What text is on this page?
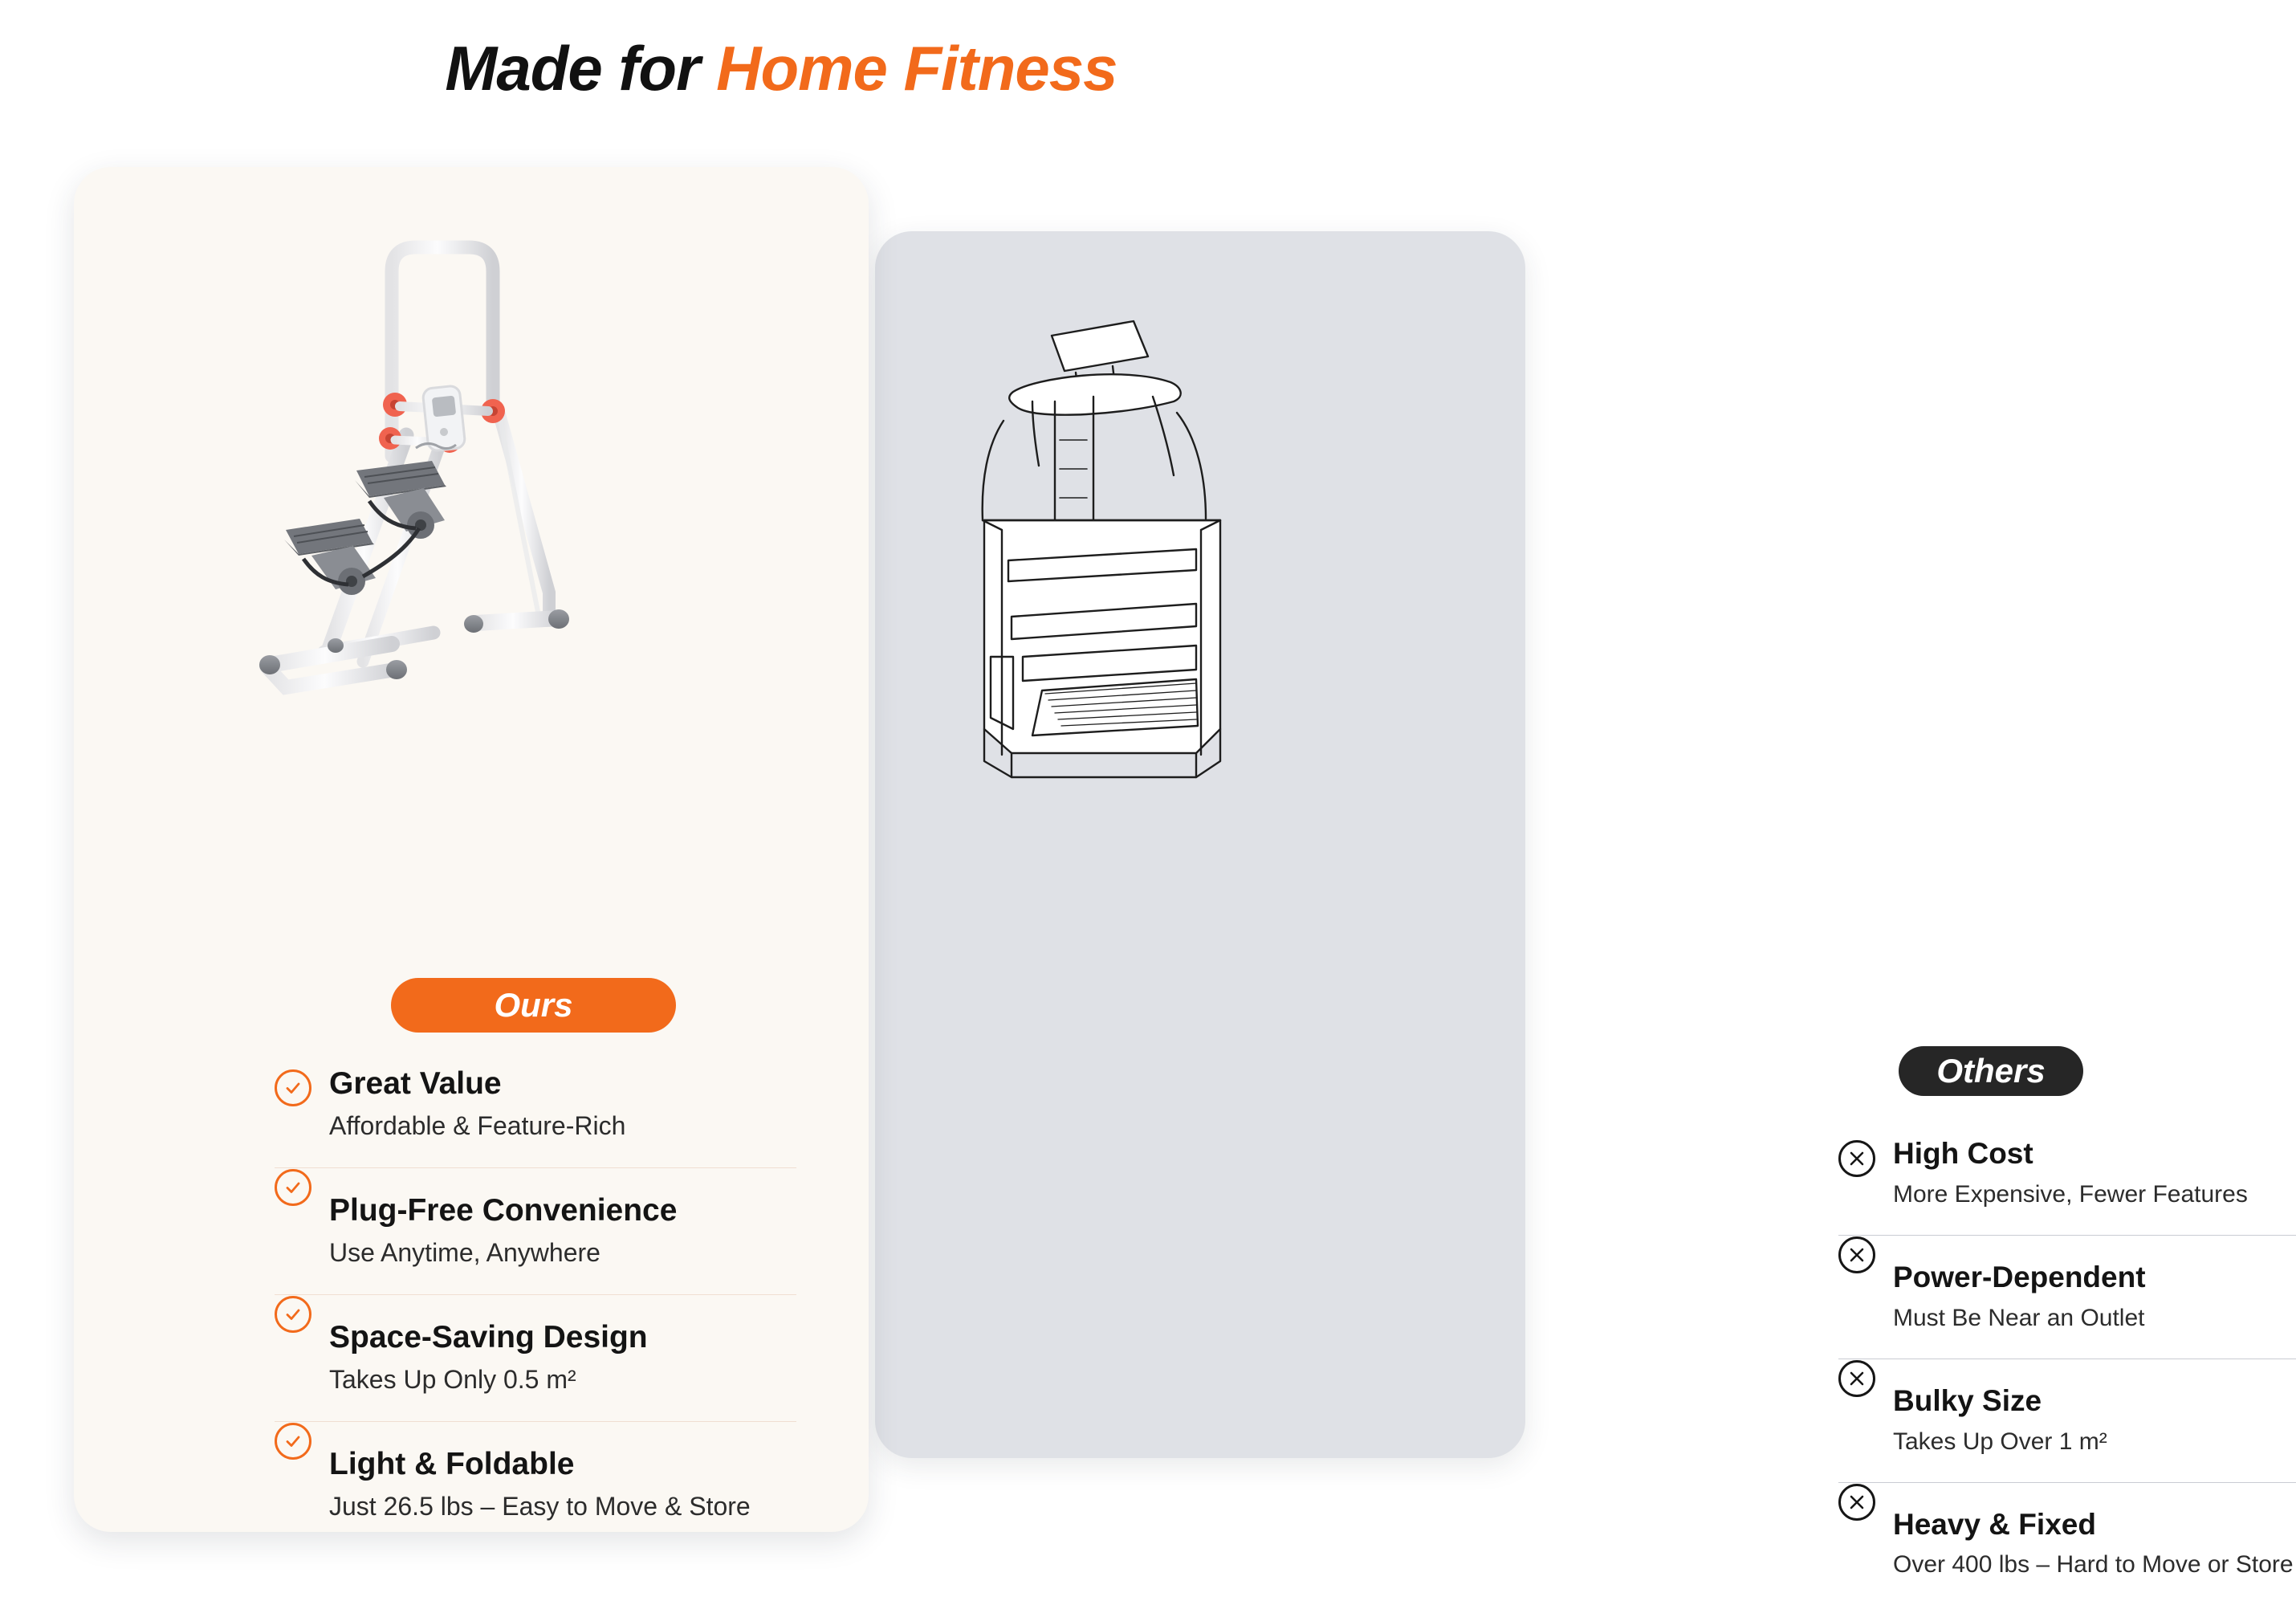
Made for Home Fitness
Others
High Cost
More Expensive, Fewer Features
Power-Dependent
Must Be Near an Outlet
Bulky Size
Takes Up Over 1 m²
Heavy & Fixed
Over 400 lbs – Hard to Move or Store
Ours
Great Value
Affordable & Feature-Rich
Plug-Free Convenience
Use Anytime, Anywhere
Space-Saving Design
Takes Up Only 0.5 m²
Light & Foldable
Just 26.5 lbs – Easy to Move & Store
